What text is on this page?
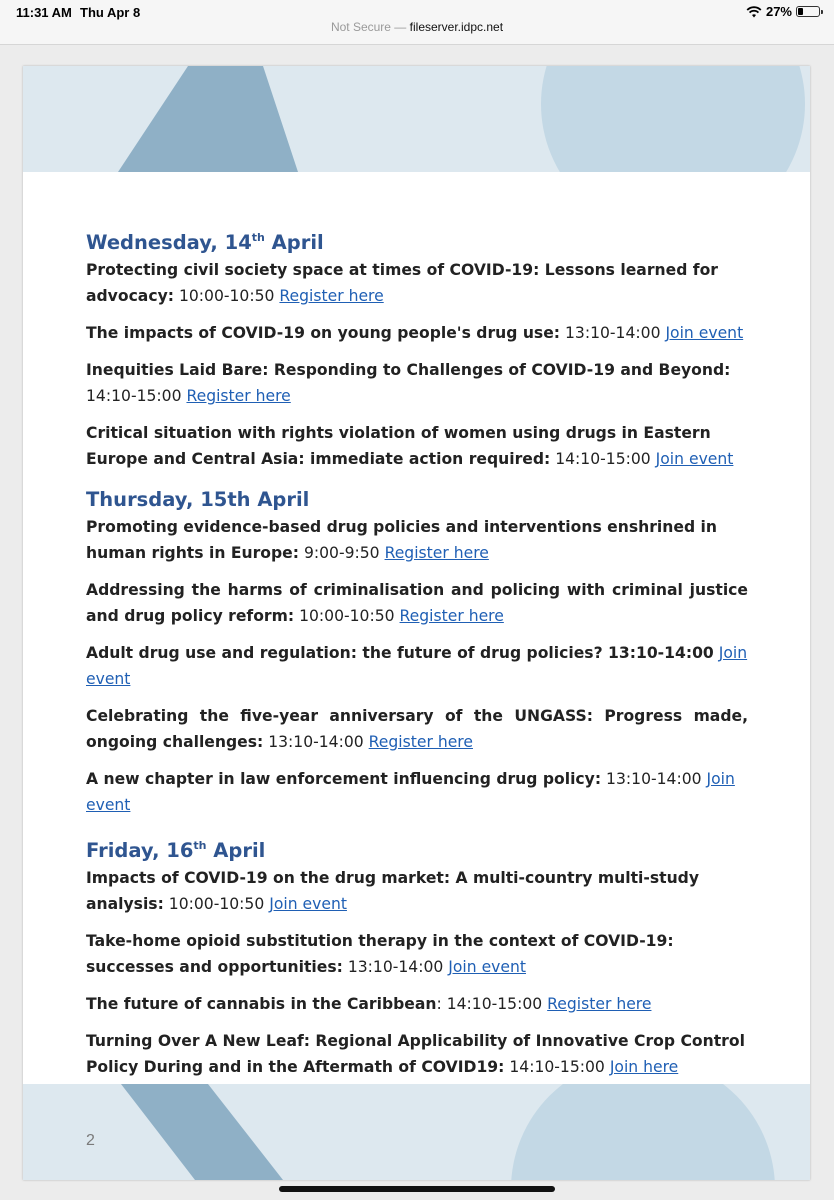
11:31 AM Thu Apr 8	27%
Not Secure — fileserver.idpc.net
Wednesday, 14th April
Protecting civil society space at times of COVID-19: Lessons learned for advocacy: 10:00-10:50 Register here
The impacts of COVID-19 on young people's drug use: 13:10-14:00 Join event
Inequities Laid Bare: Responding to Challenges of COVID-19 and Beyond: 14:10-15:00 Register here
Critical situation with rights violation of women using drugs in Eastern Europe and Central Asia: immediate action required: 14:10-15:00 Join event
Thursday, 15th April
Promoting evidence-based drug policies and interventions enshrined in human rights in Europe: 9:00-9:50 Register here
Addressing the harms of criminalisation and policing with criminal justice and drug policy reform: 10:00-10:50 Register here
Adult drug use and regulation: the future of drug policies? 13:10-14:00 Join event
Celebrating the five-year anniversary of the UNGASS: Progress made, ongoing challenges: 13:10-14:00 Register here
A new chapter in law enforcement influencing drug policy: 13:10-14:00 Join event
Friday, 16th April
Impacts of COVID-19 on the drug market: A multi-country multi-study analysis: 10:00-10:50 Join event
Take-home opioid substitution therapy in the context of COVID-19: successes and opportunities: 13:10-14:00 Join event
The future of cannabis in the Caribbean: 14:10-15:00 Register here
Turning Over A New Leaf: Regional Applicability of Innovative Crop Control Policy During and in the Aftermath of COVID19: 14:10-15:00 Join here
2
